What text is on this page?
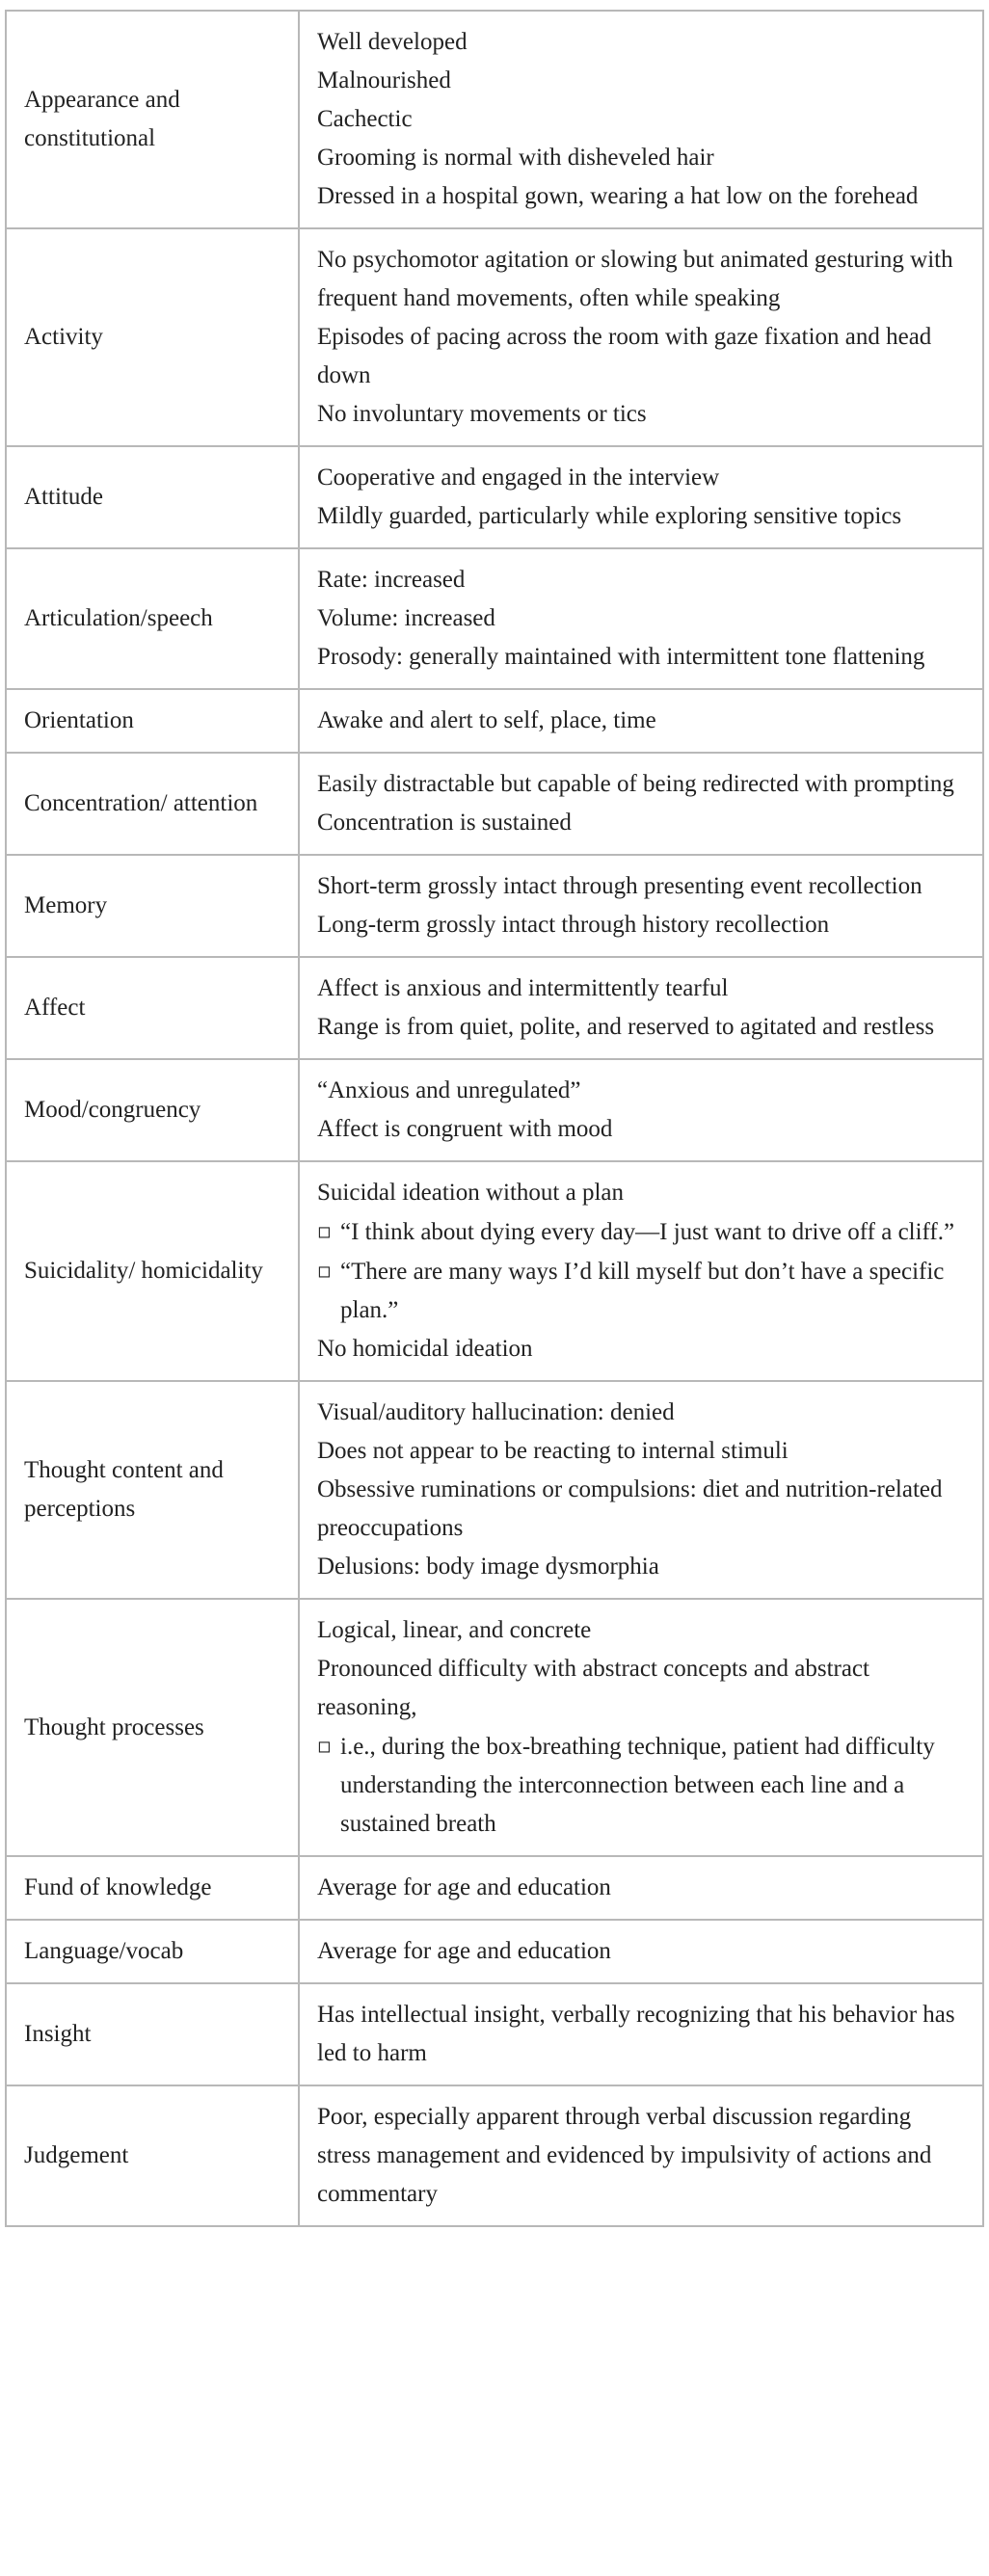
Appearance and constitutional	Well developed
Malnourished
Cachectic
Grooming is normal with disheveled hair
Dressed in a hospital gown, wearing a hat low on the forehead

Activity	No psychomotor agitation or slowing but animated gesturing with frequent hand movements, often while speaking
Episodes of pacing across the room with gaze fixation and head down
No involuntary movements or tics

Attitude	Cooperative and engaged in the interview
Mildly guarded, particularly while exploring sensitive topics

Articulation/speech	Rate: increased
Volume: increased
Prosody: generally maintained with intermittent tone flattening

Orientation	Awake and alert to self, place, time

Concentration/ attention	Easily distractable but capable of being redirected with prompting
Concentration is sustained

Memory	Short-term grossly intact through presenting event recollection
Long-term grossly intact through history recollection

Affect	Affect is anxious and intermittently tearful
Range is from quiet, polite, and reserved to agitated and restless

Mood/congruency	“Anxious and unregulated”
Affect is congruent with mood

Suicidality/ homicidality	Suicidal ideation without a plan
◽ “I think about dying every day—I just want to drive off a cliff.”
◽ “There are many ways I’d kill myself but don’t have a specific plan.”
No homicidal ideation

Thought content and perceptions	Visual/auditory hallucination: denied
Does not appear to be reacting to internal stimuli
Obsessive ruminations or compulsions: diet and nutrition-related preoccupations
Delusions: body image dysmorphia

Thought processes	Logical, linear, and concrete
Pronounced difficulty with abstract concepts and abstract reasoning,
◽ i.e., during the box-breathing technique, patient had difficulty understanding the interconnection between each line and a sustained breath

Fund of knowledge	Average for age and education

Language/vocab	Average for age and education

Insight	Has intellectual insight, verbally recognizing that his behavior has led to harm

Judgement	Poor, especially apparent through verbal discussion regarding stress management and evidenced by impulsivity of actions and commentary
